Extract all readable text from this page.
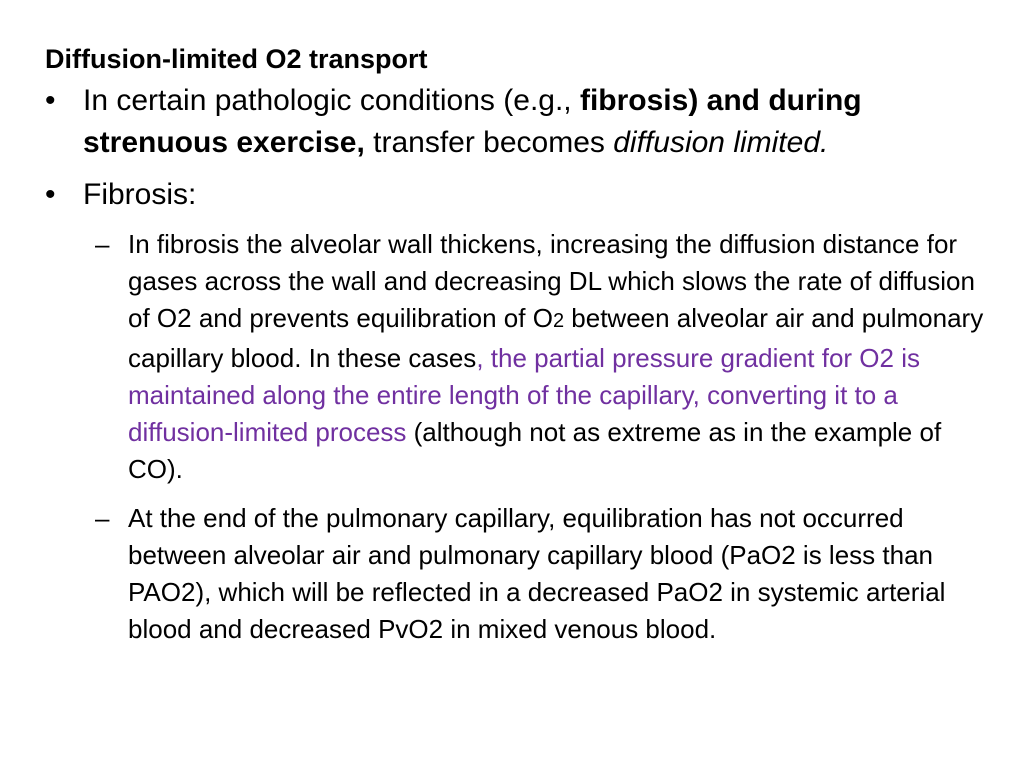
Diffusion-limited O2 transport
• In certain pathologic conditions (e.g., fibrosis) and during strenuous exercise, transfer becomes diffusion limited.
• Fibrosis:
– In fibrosis the alveolar wall thickens, increasing the diffusion distance for gases across the wall and decreasing DL which slows the rate of diffusion of O2 and prevents equilibration of O2 between alveolar air and pulmonary capillary blood. In these cases, the partial pressure gradient for O2 is maintained along the entire length of the capillary, converting it to a diffusion-limited process (although not as extreme as in the example of CO).
– At the end of the pulmonary capillary, equilibration has not occurred between alveolar air and pulmonary capillary blood (PaO2 is less than PAO2), which will be reflected in a decreased PaO2 in systemic arterial blood and decreased PvO2 in mixed venous blood.
